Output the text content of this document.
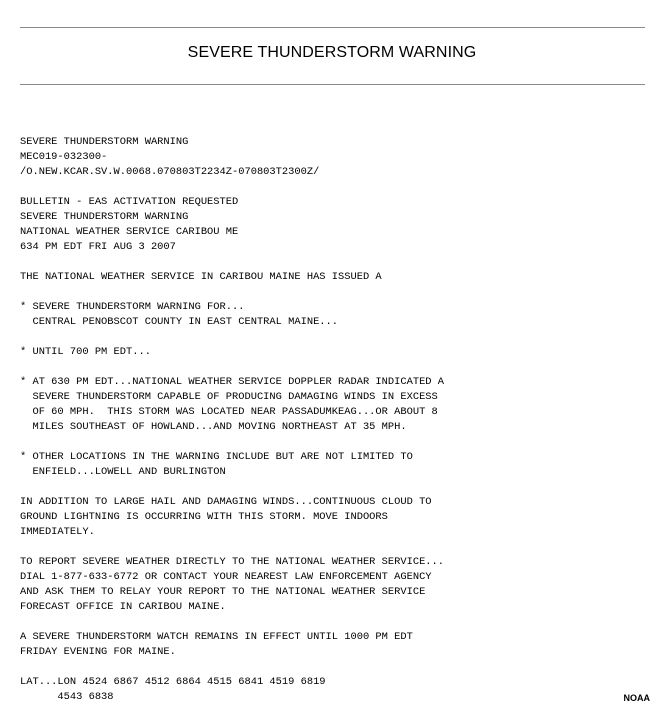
SEVERE THUNDERSTORM WARNING
SEVERE THUNDERSTORM WARNING
MEC019-032300-
/O.NEW.KCAR.SV.W.0068.070803T2234Z-070803T2300Z/
BULLETIN - EAS ACTIVATION REQUESTED
SEVERE THUNDERSTORM WARNING
NATIONAL WEATHER SERVICE CARIBOU ME
634 PM EDT FRI AUG 3 2007
THE NATIONAL WEATHER SERVICE IN CARIBOU MAINE HAS ISSUED A
* SEVERE THUNDERSTORM WARNING FOR...
CENTRAL PENOBSCOT COUNTY IN EAST CENTRAL MAINE...
* UNTIL 700 PM EDT...
* AT 630 PM EDT...NATIONAL WEATHER SERVICE DOPPLER RADAR INDICATED A
SEVERE THUNDERSTORM CAPABLE OF PRODUCING DAMAGING WINDS IN EXCESS
OF 60 MPH.  THIS STORM WAS LOCATED NEAR PASSADUMKEAG...OR ABOUT 8
MILES SOUTHEAST OF HOWLAND...AND MOVING NORTHEAST AT 35 MPH.
* OTHER LOCATIONS IN THE WARNING INCLUDE BUT ARE NOT LIMITED TO
ENFIELD...LOWELL AND BURLINGTON
IN ADDITION TO LARGE HAIL AND DAMAGING WINDS...CONTINUOUS CLOUD TO
GROUND LIGHTNING IS OCCURRING WITH THIS STORM. MOVE INDOORS
IMMEDIATELY.
TO REPORT SEVERE WEATHER DIRECTLY TO THE NATIONAL WEATHER SERVICE...
DIAL 1-877-633-6772 OR CONTACT YOUR NEAREST LAW ENFORCEMENT AGENCY
AND ASK THEM TO RELAY YOUR REPORT TO THE NATIONAL WEATHER SERVICE
FORECAST OFFICE IN CARIBOU MAINE.
A SEVERE THUNDERSTORM WATCH REMAINS IN EFFECT UNTIL 1000 PM EDT
FRIDAY EVENING FOR MAINE.
LAT...LON 4524 6867 4512 6864 4515 6841 4519 6819
4543 6838	NOAA
